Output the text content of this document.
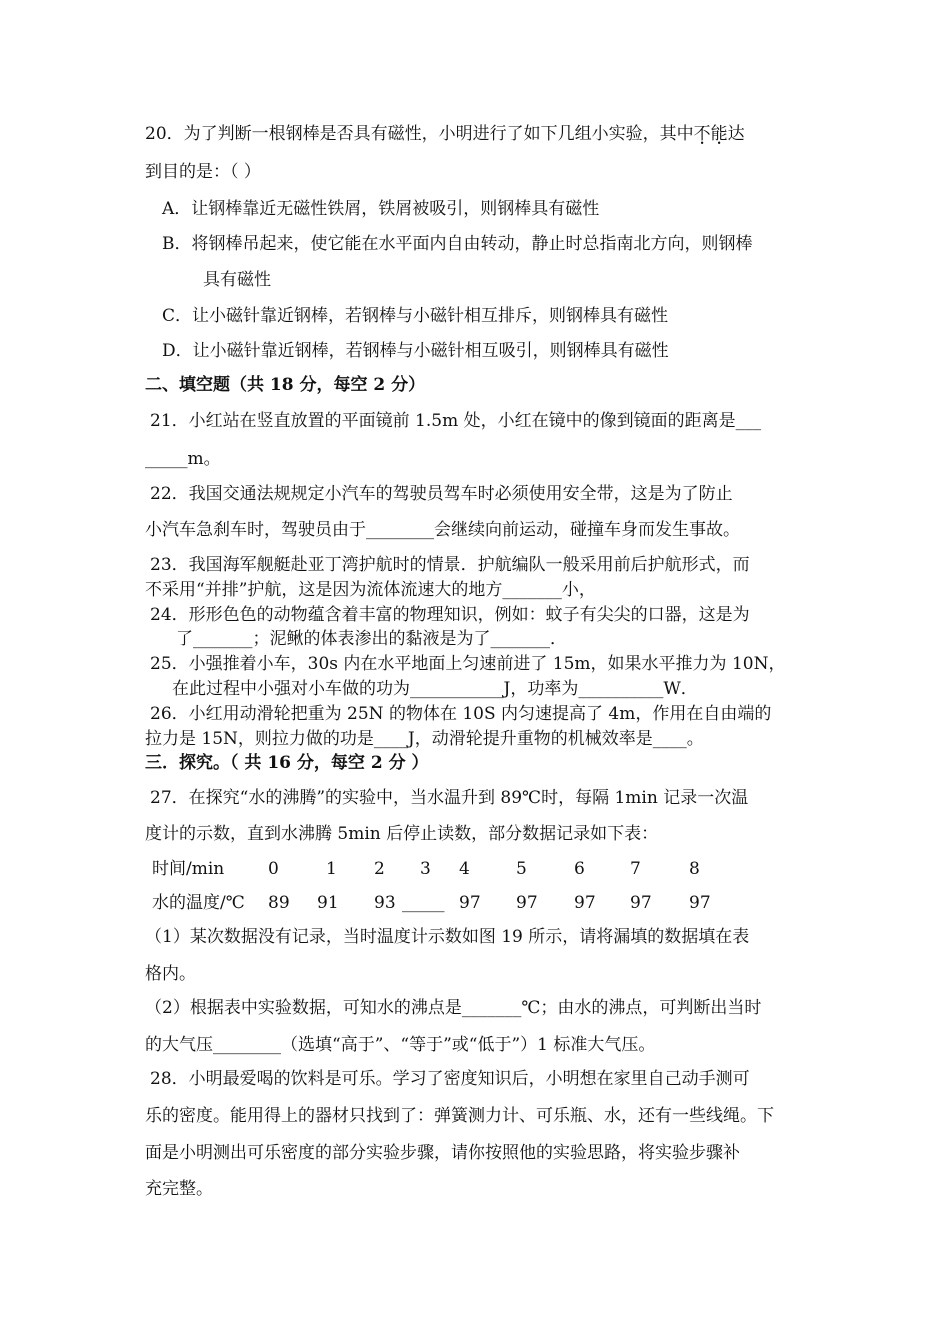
20．为了判断一根钢棒是否具有磁性，小明进行了如下几组小实验，其中不能达
到目的是：（ ）
A．让钢棒靠近无磁性铁屑，铁屑被吸引，则钢棒具有磁性
B．将钢棒吊起来，使它能在水平面内自由转动，静止时总指南北方向，则钢棒
具有磁性
C．让小磁针靠近钢棒，若钢棒与小磁针相互排斥，则钢棒具有磁性
D．让小磁针靠近钢棒，若钢棒与小磁针相互吸引，则钢棒具有磁性
二、填空题（共 18 分，每空 2 分）
21．小红站在竖直放置的平面镜前 1.5m 处，小红在镜中的像到镜面的距离是___
_____m。
22．我国交通法规规定小汽车的驾驶员驾车时必须使用安全带，这是为了防止
小汽车急刹车时，驾驶员由于________会继续向前运动，碰撞车身而发生事故。
23．我国海军舰艇赴亚丁湾护航时的情景．护航编队一般采用前后护航形式，而
不采用“并排”护航，这是因为流体流速大的地方_______小，
24．形形色色的动物蕴含着丰富的物理知识，例如：蚊子有尖尖的口器，这是为
了_______；泥鳅的体表渗出的黏液是为了_______．
25．小强推着小车，30s 内在水平地面上匀速前进了 15m，如果水平推力为 10N，
在此过程中小强对小车做的功为___________J，功率为__________W．
26．小红用动滑轮把重为 25N 的物体在 10S 内匀速提高了 4m，作用在自由端的
拉力是 15N，则拉力做的功是____J，动滑轮提升重物的机械效率是____。
三．探究。（ 共 16 分，每空 2 分 ）
27．在探究“水的沸腾”的实验中，当水温升到 89℃时，每隔 1min 记录一次温
度计的示数，直到水沸腾 5min 后停止读数，部分数据记录如下表：
时间/min	0	1 2 3 4	5	6	7	8
水的温度/℃ 89 91 93 _____ 97 97 97 97 97
（1）某次数据没有记录，当时温度计示数如图 19 所示，请将漏填的数据填在表
格内。
（2）根据表中实验数据，可知水的沸点是_______℃；由水的沸点，可判断出当时
的大气压________（选填“高于”、“等于”或“低于”）1 标准大气压。
28．小明最爱喝的饮料是可乐。学习了密度知识后，小明想在家里自己动手测可
乐的密度。能用得上的器材只找到了：弹簧测力计、可乐瓶、水，还有一些线绳。下
面是小明测出可乐密度的部分实验步骤，请你按照他的实验思路，将实验步骤补
充完整。
